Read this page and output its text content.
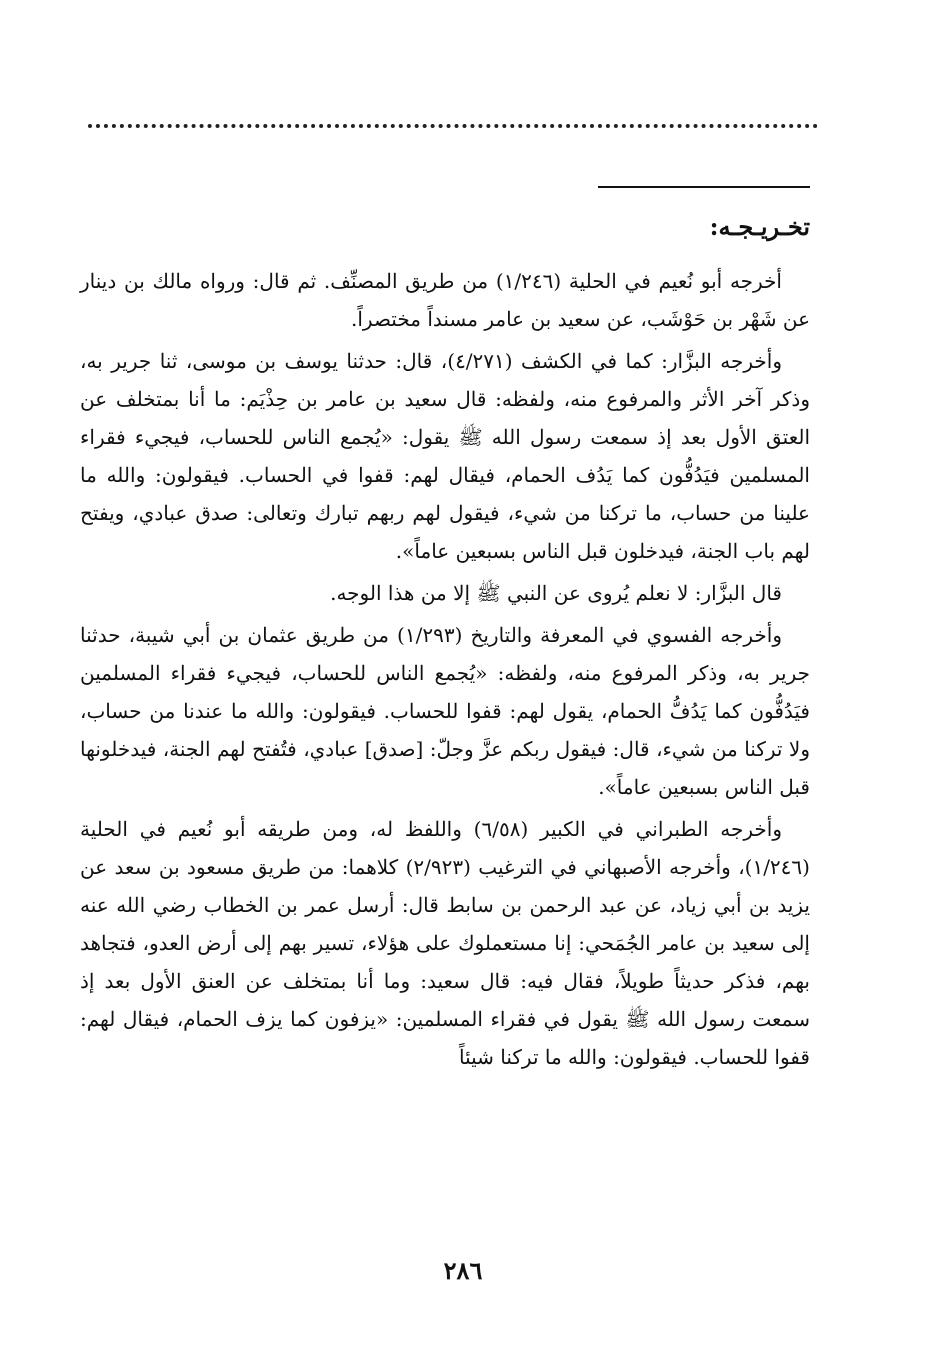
تخـريـجـه:

أخرجه أبو نُعيم في الحلية (١/٢٤٦) من طريق المصنِّف. ثم قال: ورواه مالك بن دينار عن شَهْر بن حَوْشَب، عن سعيد بن عامر مسنداً مختصراً.

وأخرجه البزَّار: كما في الكشف (٤/٢٧١)، قال: حدثنا يوسف بن موسى، ثنا جرير به، وذكر آخر الأثر والمرفوع منه، ولفظه: قال سعيد بن عامر بن حِذْيَم: ما أنا بمتخلف عن العتق الأول بعد إذ سمعت رسول الله ﷺ يقول: «يُجمع الناس للحساب، فيجيء فقراء المسلمين فيَدُفُّون كما يَدُف الحمام، فيقال لهم: قفوا في الحساب. فيقولون: والله ما علينا من حساب، ما تركنا من شيء، فيقول لهم ربهم تبارك وتعالى: صدق عبادي، ويفتح لهم باب الجنة، فيدخلون قبل الناس بسبعين عاماً».

قال البزَّار: لا نعلم يُروى عن النبي ﷺ إلا من هذا الوجه.

وأخرجه الفسوي في المعرفة والتاريخ (١/٢٩٣) من طريق عثمان بن أبي شيبة، حدثنا جرير به، وذكر المرفوع منه، ولفظه: «يُجمع الناس للحساب، فيجيء فقراء المسلمين فيَدُفُّون كما يَدُفُّ الحمام، يقول لهم: قفوا للحساب. فيقولون: والله ما عندنا من حساب، ولا تركنا من شيء، قال: فيقول ربكم عزَّ وجلّ: [صدق] عبادي، فتُفتح لهم الجنة، فيدخلونها قبل الناس بسبعين عاماً».

وأخرجه الطبراني في الكبير (٦/٥٨) واللفظ له، ومن طريقه أبو نُعيم في الحلية (١/٢٤٦)، وأخرجه الأصبهاني في الترغيب (٢/٩٢٣) كلاهما: من طريق مسعود بن سعد عن يزيد بن أبي زياد، عن عبد الرحمن بن سابط قال: أرسل عمر بن الخطاب رضي الله عنه إلى سعيد بن عامر الجُمَحي: إنا مستعملوك على هؤلاء، تسير بهم إلى أرض العدو، فتجاهد بهم، فذكر حديثاً طويلاً، فقال فيه: قال سعيد: وما أنا بمتخلف عن العنق الأول بعد إذ سمعت رسول الله ﷺ يقول في فقراء المسلمين: «يزفون كما يزف الحمام، فيقال لهم: قفوا للحساب. فيقولون: والله ما تركنا شيئاً

٢٨٦
